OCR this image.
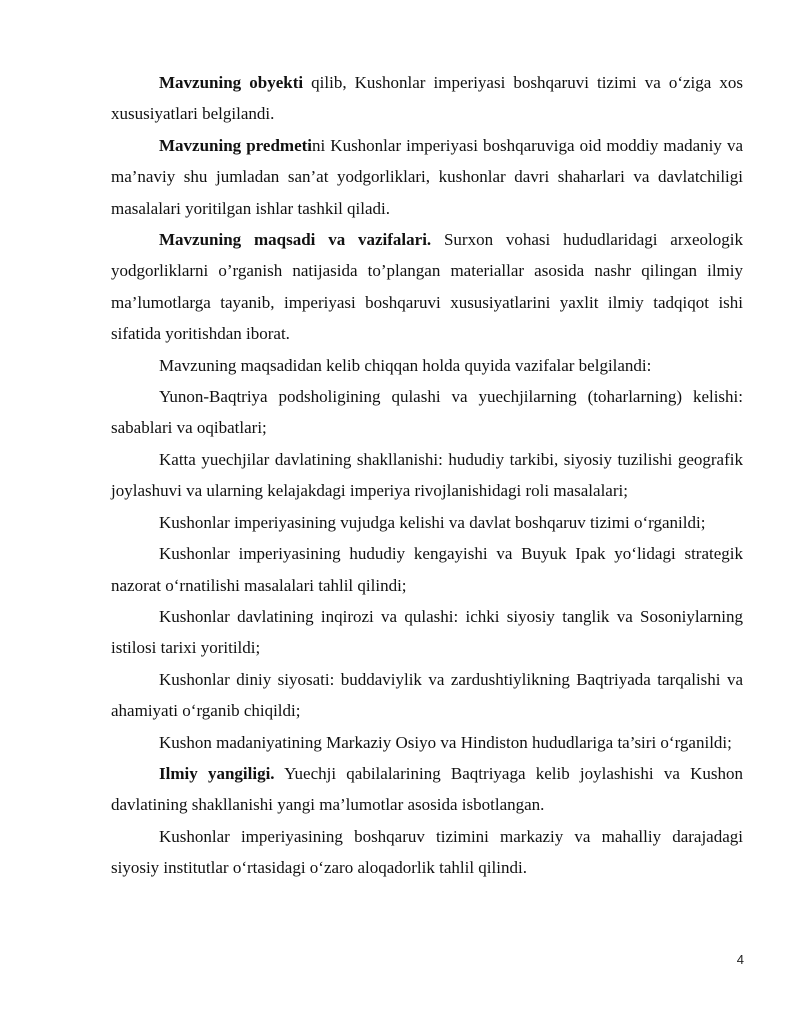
Mavzuning obyekti qilib, Kushonlar imperiyasi boshqaruvi tizimi va o‘ziga xos xususiyatlari belgilandi.

Mavzuning predmetini Kushonlar imperiyasi boshqaruviga oid moddiy madaniy va ma’naviy shu jumladan san’at yodgorliklari, kushonlar davri shaharlari va davlatchiligi masalalari yoritilgan ishlar tashkil qiladi.

Mavzuning maqsadi va vazifalari. Surxon vohasi hududlaridagi arxeologik yodgorliklarni o’rganish natijasida to’plangan materiallar asosida nashr qilingan ilmiy ma’lumotlarga tayanib, imperiyasi boshqaruvi xususiyatlarini yaxlit ilmiy tadqiqot ishi sifatida yoritishdan iborat.

Mavzuning maqsadidan kelib chiqqan holda quyida vazifalar belgilandi:

Yunon-Baqtriya podsholigining qulashi va yuechjilarning (toharlarning) kelishi: sabablari va oqibatlari;

Katta yuechjilar davlatining shakllanishi: hududiy tarkibi, siyosiy tuzilishi geografik joylashuvi va ularning kelajakdagi imperiya rivojlanishidagi roli masalalari;

Kushonlar imperiyasining vujudga kelishi va davlat boshqaruv tizimi o‘rganildi;

Kushonlar imperiyasining hududiy kengayishi va Buyuk Ipak yo‘lidagi strategik nazorat o‘rnatilishi masalalari tahlil qilindi;

Kushonlar davlatining inqirozi va qulashi: ichki siyosiy tanglik va Sosoniylarning istilosi tarixi yoritildi;

Kushonlar diniy siyosati: buddaviylik va zardushtiylikning Baqtriyada tarqalishi va ahamiyati o‘rganib chiqildi;

Kushon madaniyatining Markaziy Osiyo va Hindiston hududlariga ta’siri o‘rganildi;

Ilmiy yangiligi. Yuechji qabilalarining Baqtriyaga kelib joylashishi va Kushon davlatining shakllanishi yangi ma’lumotlar asosida isbotlangan.

Kushonlar imperiyasining boshqaruv tizimini markaziy va mahalliy darajadagi siyosiy institutlar o‘rtasidagi o‘zaro aloqadorlik tahlil qilindi.

4
